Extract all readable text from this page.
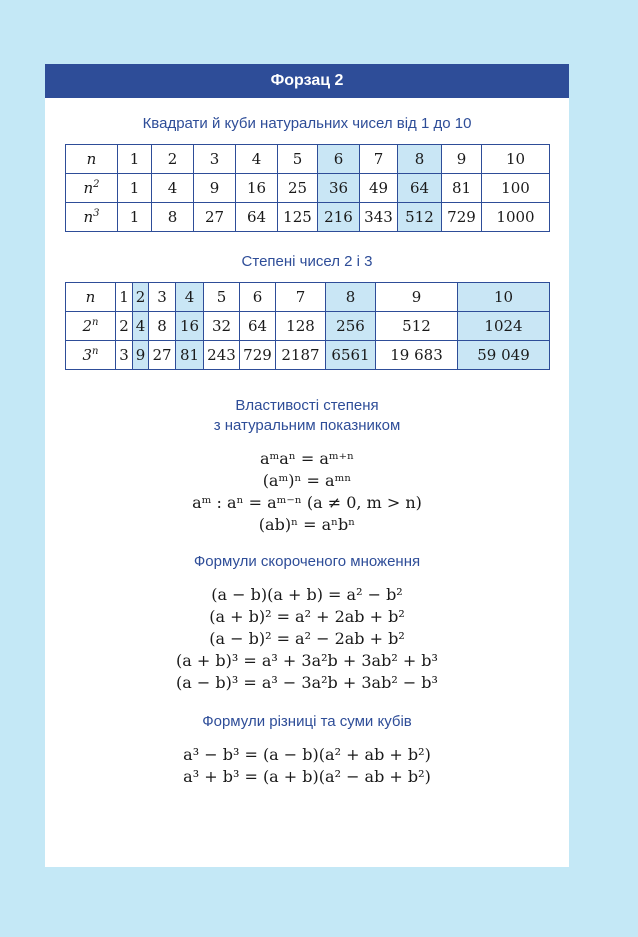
Форзац 2
Квадрати й куби натуральних чисел від 1 до 10
n	1	2	3	4	5	6	7	8	9	10
$n^2$	1	4	9	16	25	36	49	64	81	100
$n^3$	1	8	27	64	125	216	343	512	729	1000
Степені чисел 2 і 3
n	1	2	3	4	5	6	7	8	9	10
2$^n$	2	4	8	16	32	64	128	256	512	1024
3$^n$	3	9	27	81	243	729	2187	6561	19 683	59 049
Властивості степеня
з натуральним показником
aᵐaⁿ = aᵐ⁺ⁿ
(aᵐ)ⁿ = aᵐⁿ
aᵐ : aⁿ = aᵐ⁻ⁿ (a ≠ 0, m > n)
(ab)ⁿ = aⁿbⁿ
Формули скороченого множення
(a − b)(a + b) = a² − b²
(a + b)² = a² + 2ab + b²
(a − b)² = a² − 2ab + b²
(a + b)³ = a³ + 3a²b + 3ab² + b³
(a − b)³ = a³ − 3a²b + 3ab² − b³
Формули різниці та суми кубів
a³ − b³ = (a − b)(a² + ab + b²)
a³ + b³ = (a + b)(a² − ab + b²)
